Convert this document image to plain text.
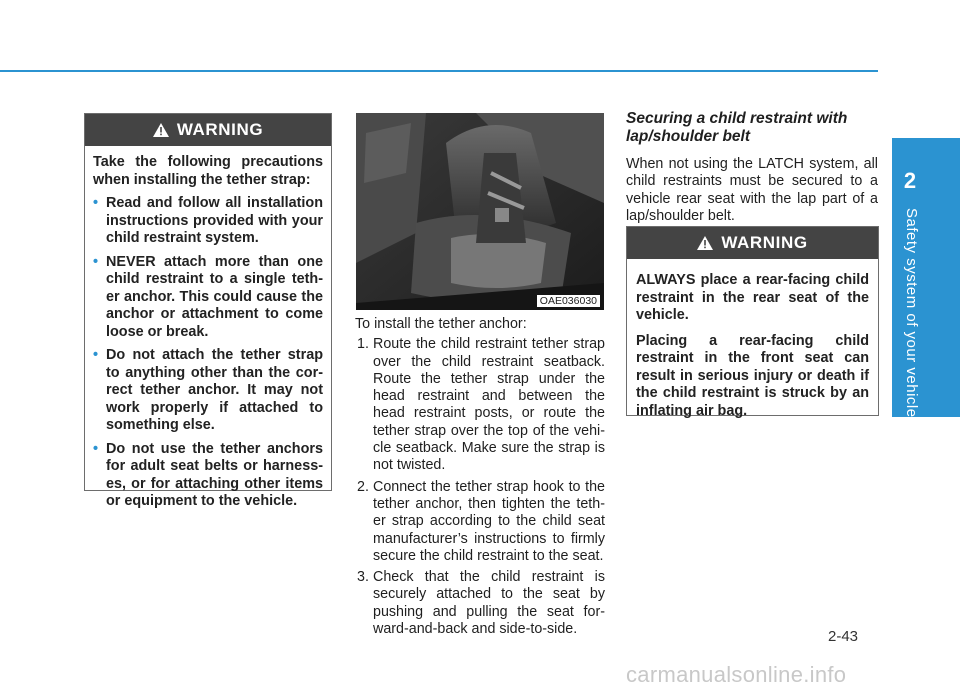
2
Safety system of your vehicle
WARNING

Take the following precautions when installing the tether strap:

• Read and follow all installation instructions provided with your child restraint system.
• NEVER attach more than one child restraint to a single teth-er anchor. This could cause the anchor or attachment to come loose or break.
• Do not attach the tether strap to anything other than the cor-rect tether anchor. It may not work properly if attached to something else.
• Do not use the tether anchors for adult seat belts or harness-es, or for attaching other items or equipment to the vehicle.
OAE036030

To install the tether anchor:

1. Route the child restraint tether strap over the child restraint seatback. Route the tether strap under the head restraint and between the head restraint posts, or route the tether strap over the top of the vehi-cle seatback. Make sure the strap is not twisted.
2. Connect the tether strap hook to the tether anchor, then tighten the teth-er strap according to the child seat manufacturer’s instructions to firmly secure the child restraint to the seat.
3. Check that the child restraint is securely attached to the seat by pushing and pulling the seat for-ward-and-back and side-to-side.
Securing a child restraint with lap/shoulder belt

When not using the LATCH system, all child restraints must be secured to a vehicle rear seat with the lap part of a lap/shoulder belt.

WARNING

ALWAYS place a rear-facing child restraint in the rear seat of the vehicle.

Placing a rear-facing child restraint in the front seat can result in serious injury or death if the child restraint is struck by an inflating air bag.

2-43
carmanualsonline.info
